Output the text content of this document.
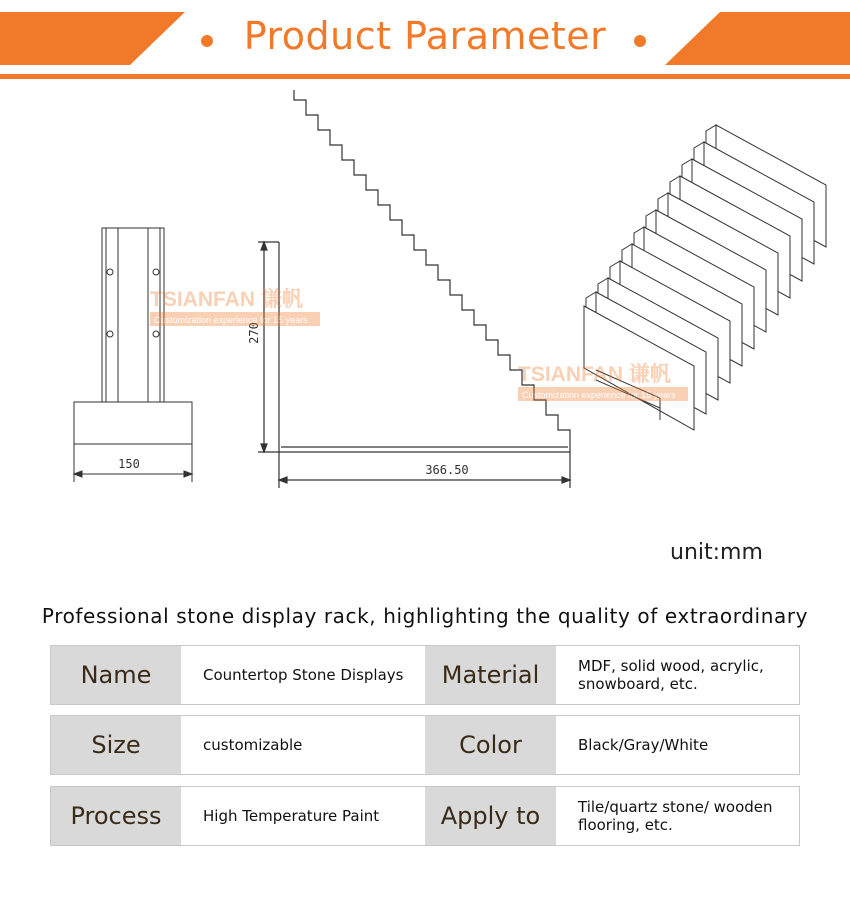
Product Parameter
150
270
366.50
TSIANFAN 谦帆
Customization experience for 15 years
TSIANFAN 谦帆
Customization experience for 15 years
unit:mm
Professional stone display rack, highlighting the quality of extraordinary
Name	Countertop Stone Displays	Material	MDF, solid wood, acrylic, snowboard, etc.
Size	customizable	Color	Black/Gray/White
Process	High Temperature Paint	Apply to	Tile/quartz stone/ wooden flooring, etc.
